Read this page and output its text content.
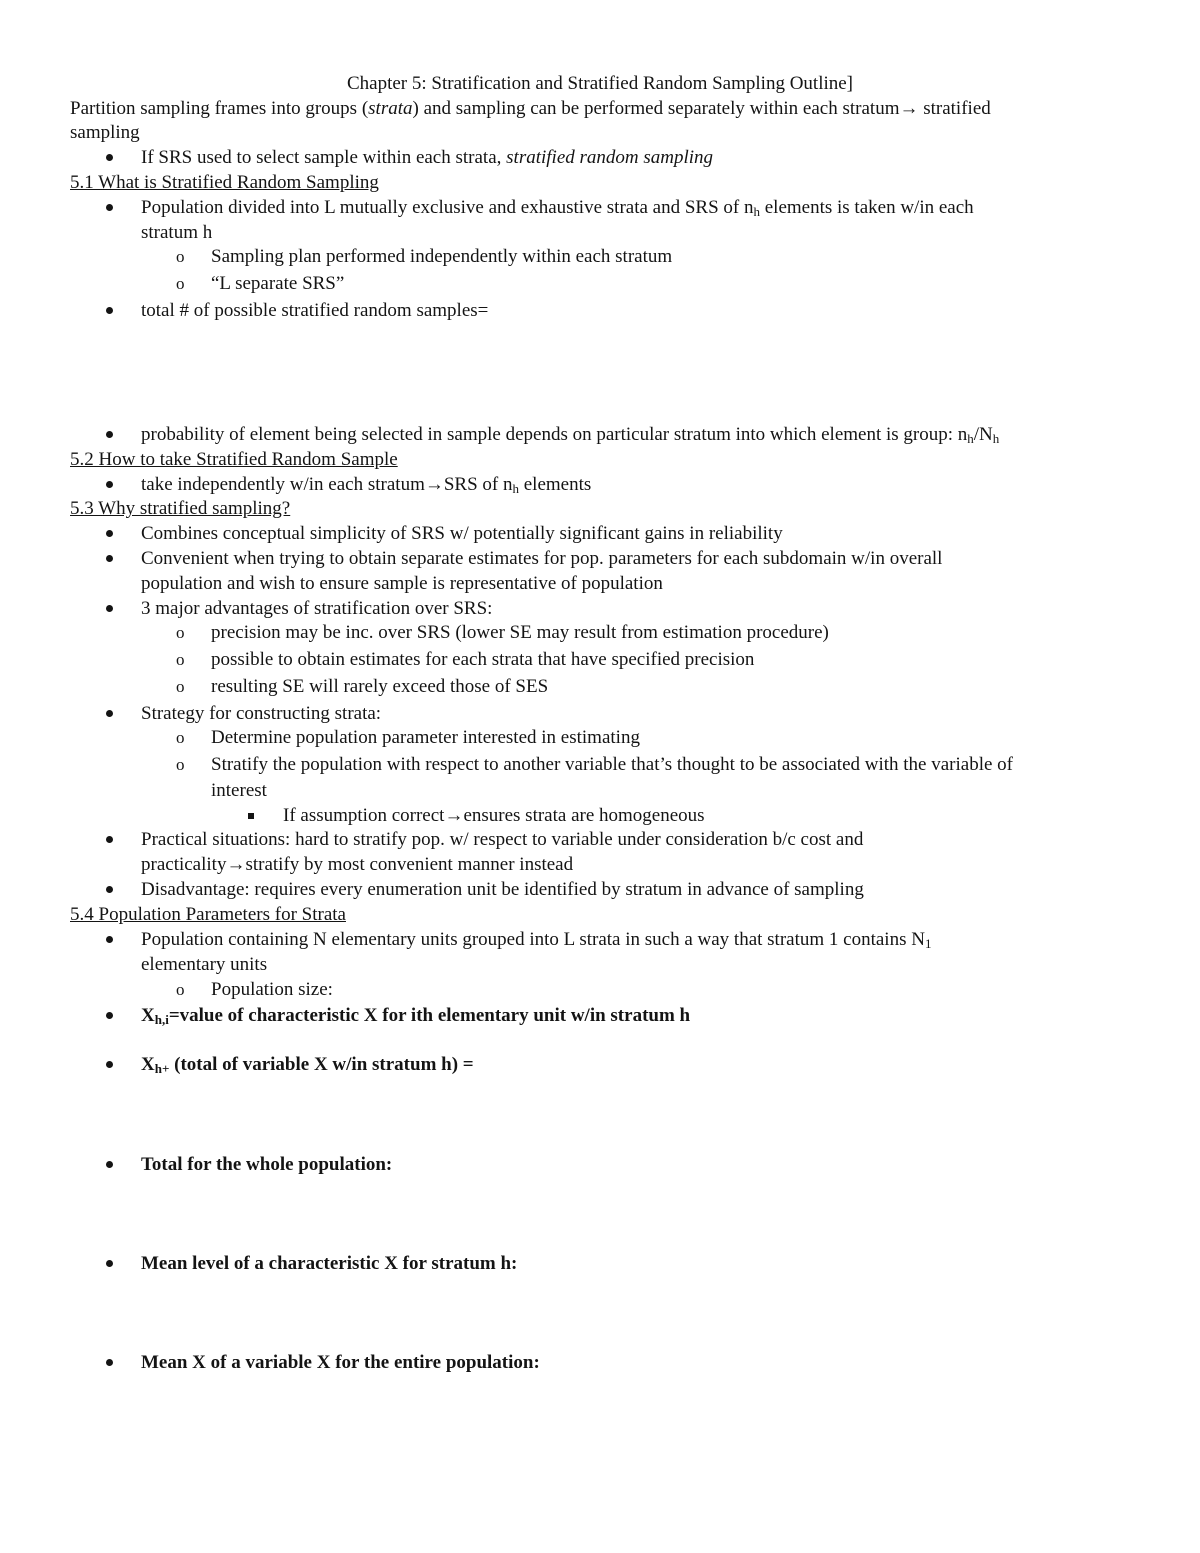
Chapter 5: Stratification and Stratified Random Sampling Outline]
Partition sampling frames into groups (strata) and sampling can be performed separately within each stratum→ stratified
sampling
If SRS used to select sample within each strata, stratified random sampling
5.1 What is Stratified Random Sampling
Population divided into L mutually exclusive and exhaustive strata and SRS of $n_h$ elements is taken w/in each
stratum h
o Sampling plan performed independently within each stratum
o “L separate SRS”
total # of possible stratified random samples=
probability of element being selected in sample depends on particular stratum into which element is group: $n_h/N_h$
5.2 How to take Stratified Random Sample
take independently w/in each stratum→SRS of $n_h$ elements
5.3 Why stratified sampling?
Combines conceptual simplicity of SRS w/ potentially significant gains in reliability
Convenient when trying to obtain separate estimates for pop. parameters for each subdomain w/in overall
population and wish to ensure sample is representative of population
3 major advantages of stratification over SRS:
o precision may be inc. over SRS (lower SE may result from estimation procedure)
o possible to obtain estimates for each strata that have specified precision
o resulting SE will rarely exceed those of SES
Strategy for constructing strata:
o Determine population parameter interested in estimating
o Stratify the population with respect to another variable that’s thought to be associated with the variable of
interest
If assumption correct→ensures strata are homogeneous
Practical situations: hard to stratify pop. w/ respect to variable under consideration b/c cost and
practicality→stratify by most convenient manner instead
Disadvantage: requires every enumeration unit be identified by stratum in advance of sampling
5.4 Population Parameters for Strata
Population containing N elementary units grouped into L strata in such a way that stratum 1 contains $N_1$
elementary units
o Population size:
$X_{h,i}=value$ of characteristic X for ith elementary unit w/in stratum h
$X_{h+}$ (total of variable X w/in stratum h) =
Total for the whole population:
Mean level of a characteristic X for stratum h:
Mean X of a variable X for the entire population:
